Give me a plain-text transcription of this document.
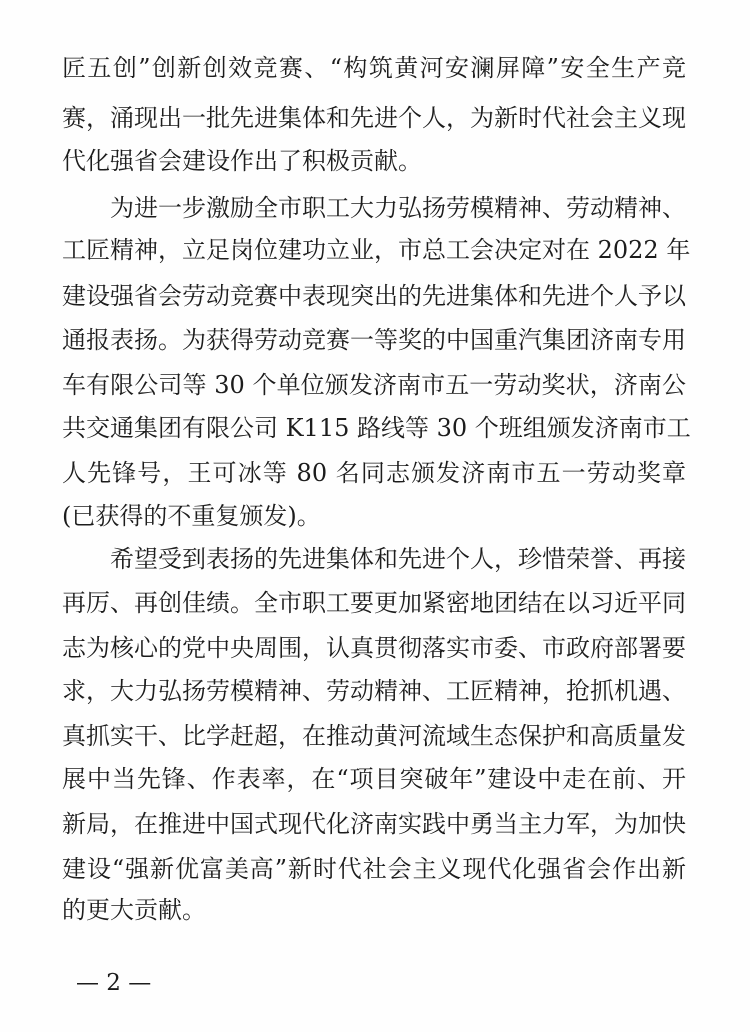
匠五创”创新创效竞赛、“构筑黄河安澜屏障”安全生产竞
赛，涌现出一批先进集体和先进个人，为新时代社会主义现
代化强省会建设作出了积极贡献。
为进一步激励全市职工大力弘扬劳模精神、劳动精神、
工匠精神，立足岗位建功立业，市总工会决定对在 2022 年
建设强省会劳动竞赛中表现突出的先进集体和先进个人予以
通报表扬。为获得劳动竞赛一等奖的中国重汽集团济南专用
车有限公司等 30 个单位颁发济南市五一劳动奖状，济南公
共交通集团有限公司 K115 路线等 30 个班组颁发济南市工
人先锋号，王可冰等 80 名同志颁发济南市五一劳动奖章
(已获得的不重复颁发)。
希望受到表扬的先进集体和先进个人，珍惜荣誉、再接
再厉、再创佳绩。全市职工要更加紧密地团结在以习近平同
志为核心的党中央周围，认真贯彻落实市委、市政府部署要
求，大力弘扬劳模精神、劳动精神、工匠精神，抢抓机遇、
真抓实干、比学赶超，在推动黄河流域生态保护和高质量发
展中当先锋、作表率，在“项目突破年”建设中走在前、开
新局，在推进中国式现代化济南实践中勇当主力军，为加快
建设“强新优富美高”新时代社会主义现代化强省会作出新
的更大贡献。
— 2 —
